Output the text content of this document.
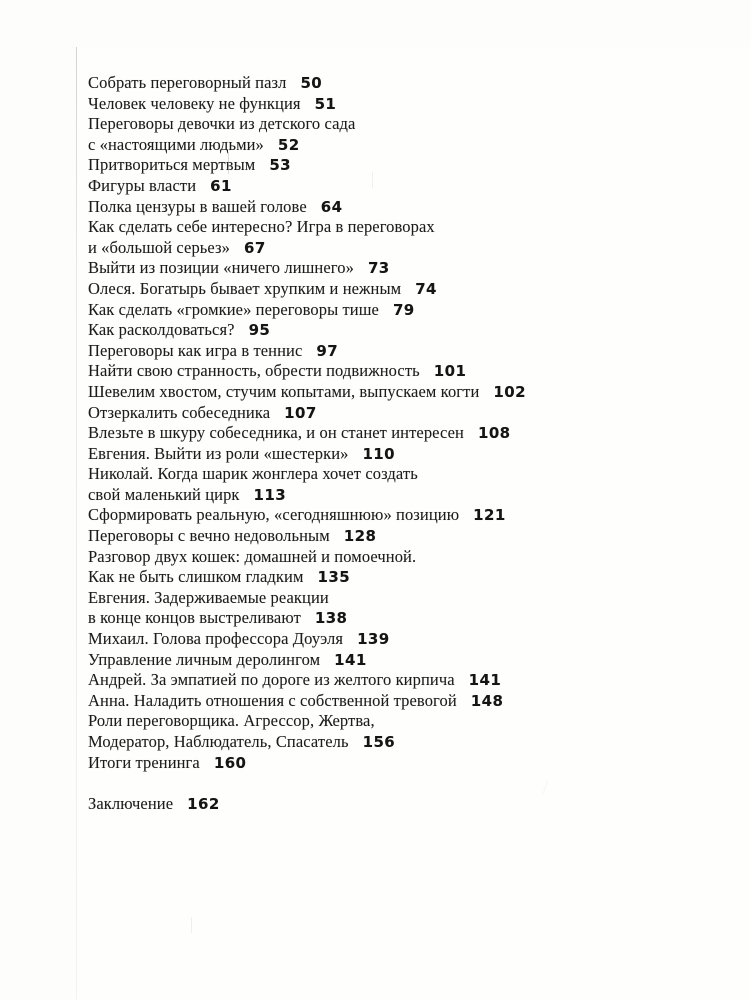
Собрать переговорный пазл 50
Человек человеку не функция 51
Переговоры девочки из детского сада
с «настоящими людьми» 52
Притвориться мертвым 53
Фигуры власти 61
Полка цензуры в вашей голове 64
Как сделать себе интересно? Игра в переговорах
и «большой серьез» 67
Выйти из позиции «ничего лишнего» 73
Олеся. Богатырь бывает хрупким и нежным 74
Как сделать «громкие» переговоры тише 79
Как расколдоваться? 95
Переговоры как игра в теннис 97
Найти свою странность, обрести подвижность 101
Шевелим хвостом, стучим копытами, выпускаем когти 102
Отзеркалить собеседника 107
Влезьте в шкуру собеседника, и он станет интересен 108
Евгения. Выйти из роли «шестерки» 110
Николай. Когда шарик жонглера хочет создать
свой маленький цирк 113
Сформировать реальную, «сегодняшнюю» позицию 121
Переговоры с вечно недовольным 128
Разговор двух кошек: домашней и помоечной.
Как не быть слишком гладким 135
Евгения. Задерживаемые реакции
в конце концов выстреливают 138
Михаил. Голова профессора Доуэля 139
Управление личным деролингом 141
Андрей. За эмпатией по дороге из желтого кирпича 141
Анна. Наладить отношения с собственной тревогой 148
Роли переговорщика. Агрессор, Жертва,
Модератор, Наблюдатель, Спасатель 156
Итоги тренинга 160
Заключение 162
